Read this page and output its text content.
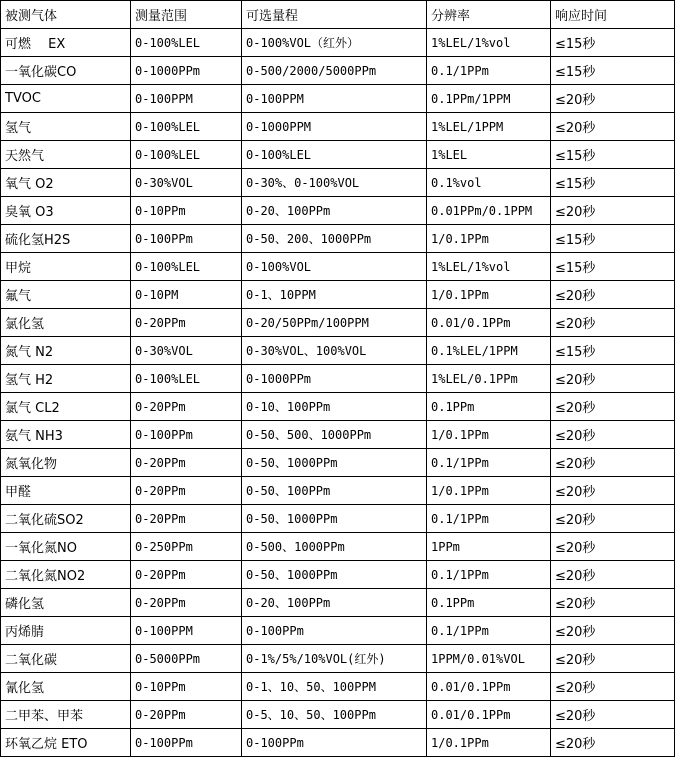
被测气体	测量范围	可选量程	分辨率	响应时间
可燃　 EX	0-100%LEL	0-100%VOL（红外）	1%LEL/1%vol	≤15秒
一氧化碳CO	0-1000PPm	0-500/2000/5000PPm	0.1/1PPm	≤15秒
TVOC	0-100PPM	0-100PPM	0.1PPm/1PPM	≤20秒
氢气	0-100%LEL	0-1000PPM	1%LEL/1PPM	≤20秒
天然气	0-100%LEL	0-100%LEL	1%LEL	≤15秒
氧气 O2	0-30%VOL	0-30%、0-100%VOL	0.1%vol	≤15秒
臭氧 O3	0-10PPm	0-20、100PPm	0.01PPm/0.1PPM	≤20秒
硫化氢H2S	0-100PPm	0-50、200、1000PPm	1/0.1PPm	≤15秒
甲烷	0-100%LEL	0-100%VOL	1%LEL/1%vol	≤15秒
氟气	0-10PM	0-1、10PPM	1/0.1PPm	≤20秒
氯化氢	0-20PPm	0-20/50PPm/100PPM	0.01/0.1PPm	≤20秒
氮气 N2	0-30%VOL	0-30%VOL、100%VOL	0.1%LEL/1PPM	≤15秒
氢气 H2	0-100%LEL	0-1000PPm	1%LEL/0.1PPm	≤20秒
氯气 CL2	0-20PPm	0-10、100PPm	0.1PPm	≤20秒
氨气 NH3	0-100PPm	0-50、500、1000PPm	1/0.1PPm	≤20秒
氮氧化物	0-20PPm	0-50、1000PPm	0.1/1PPm	≤20秒
甲醛	0-20PPm	0-50、100PPm	1/0.1PPm	≤20秒
二氧化硫SO2	0-20PPm	0-50、1000PPm	0.1/1PPm	≤20秒
一氧化氮NO	0-250PPm	0-500、1000PPm	1PPm	≤20秒
二氧化氮NO2	0-20PPm	0-50、1000PPm	0.1/1PPm	≤20秒
磷化氢	0-20PPm	0-20、100PPm	0.1PPm	≤20秒
丙烯腈	0-100PPM	0-100PPm	0.1/1PPm	≤20秒
二氧化碳	0-5000PPm	0-1%/5%/10%VOL(红外)	1PPM/0.01%VOL	≤20秒
氰化氢	0-10PPm	0-1、10、50、100PPM	0.01/0.1PPm	≤20秒
二甲苯、甲苯	0-20PPm	0-5、10、50、100PPm	0.01/0.1PPm	≤20秒
环氧乙烷 ETO	0-100PPm	0-100PPm	1/0.1PPm	≤20秒
